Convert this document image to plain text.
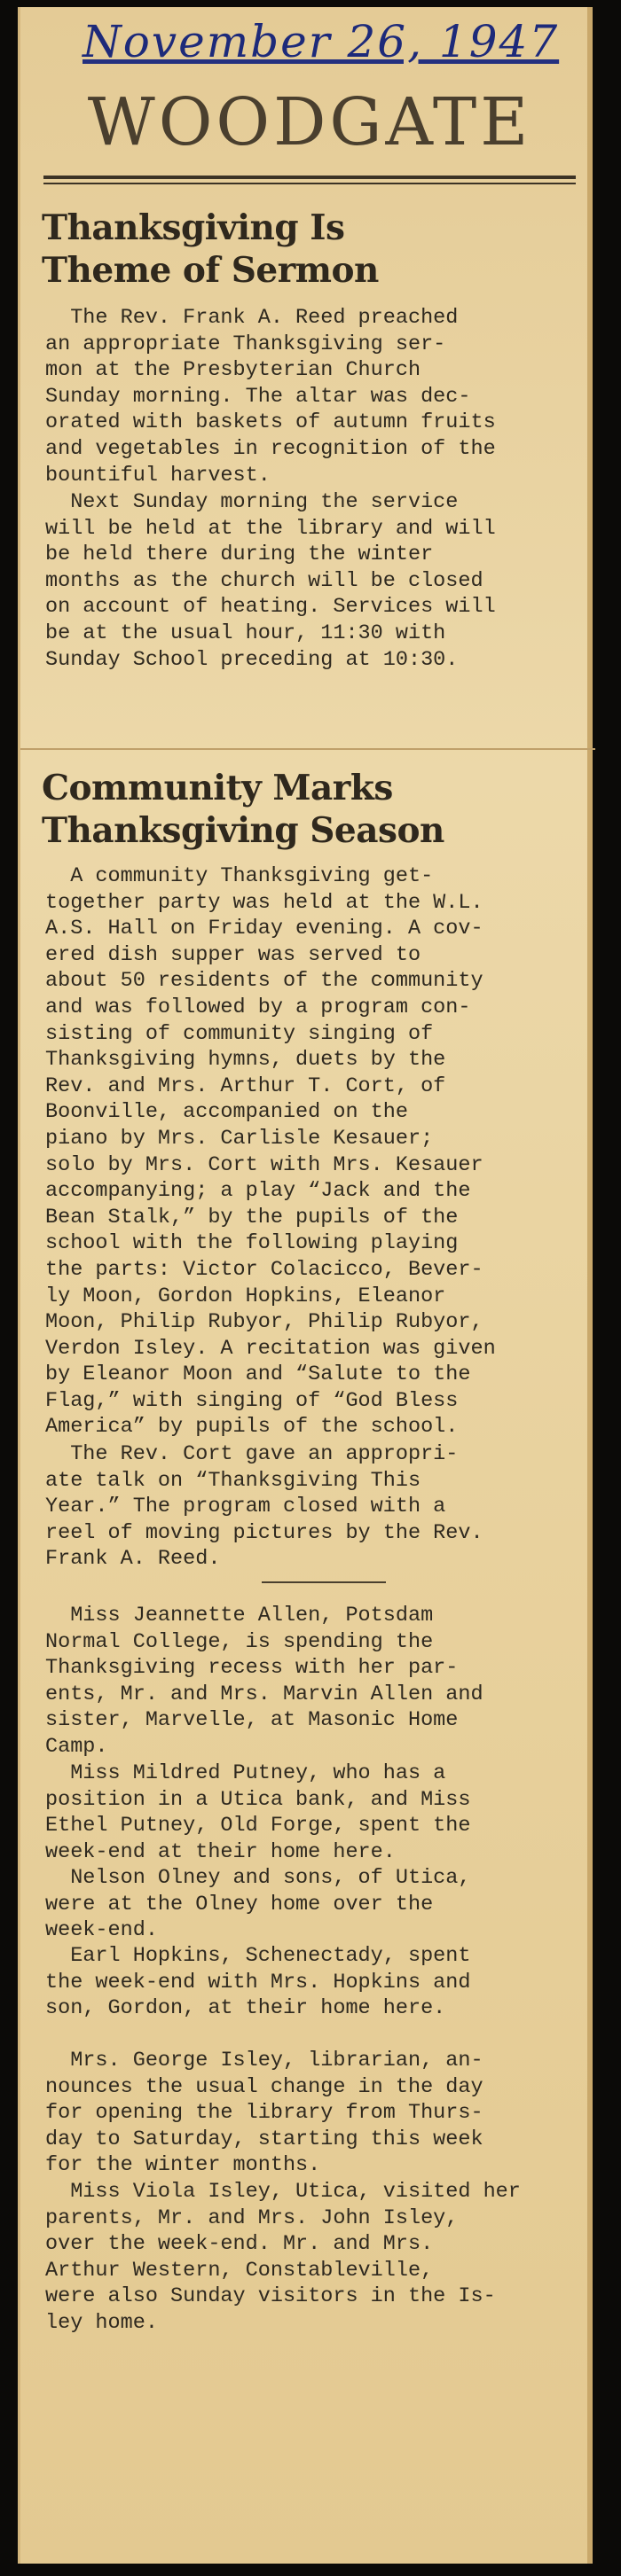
November 26, 1947
WOODGATE
Thanksgiving Is
Theme of Sermon
The Rev. Frank A. Reed preached
an appropriate Thanksgiving ser-
mon at the Presbyterian Church
Sunday morning. The altar was dec-
orated with baskets of autumn fruits
and vegetables in recognition of the
bountiful harvest.
Next Sunday morning the service
will be held at the library and will
be held there during the winter
months as the church will be closed
on account of heating. Services will
be at the usual hour, 11:30 with
Sunday School preceding at 10:30.
Community Marks
Thanksgiving Season
A community Thanksgiving get-
together party was held at the W.L.
A.S. Hall on Friday evening. A cov-
ered dish supper was served to
about 50 residents of the community
and was followed by a program con-
sisting of community singing of
Thanksgiving hymns, duets by the
Rev. and Mrs. Arthur T. Cort, of
Boonville, accompanied on the
piano by Mrs. Carlisle Kesauer;
solo by Mrs. Cort with Mrs. Kesauer
accompanying; a play “Jack and the
Bean Stalk,” by the pupils of the
school with the following playing
the parts: Victor Colacicco, Bever-
ly Moon, Gordon Hopkins, Eleanor
Moon, Philip Rubyor, Philip Rubyor,
Verdon Isley. A recitation was given
by Eleanor Moon and “Salute to the
Flag,” with singing of “God Bless
America” by pupils of the school.
The Rev. Cort gave an appropri-
ate talk on “Thanksgiving This
Year.” The program closed with a
reel of moving pictures by the Rev.
Frank A. Reed.
Miss Jeannette Allen, Potsdam
Normal College, is spending the
Thanksgiving recess with her par-
ents, Mr. and Mrs. Marvin Allen and
sister, Marvelle, at Masonic Home
Camp.
Miss Mildred Putney, who has a
position in a Utica bank, and Miss
Ethel Putney, Old Forge, spent the
week-end at their home here.
Nelson Olney and sons, of Utica,
were at the Olney home over the
week-end.
Earl Hopkins, Schenectady, spent
the week-end with Mrs. Hopkins and
son, Gordon, at their home here.
Mrs. George Isley, librarian, an-
nounces the usual change in the day
for opening the library from Thurs-
day to Saturday, starting this week
for the winter months.
Miss Viola Isley, Utica, visited her
parents, Mr. and Mrs. John Isley,
over the week-end. Mr. and Mrs.
Arthur Western, Constableville,
were also Sunday visitors in the Is-
ley home.
